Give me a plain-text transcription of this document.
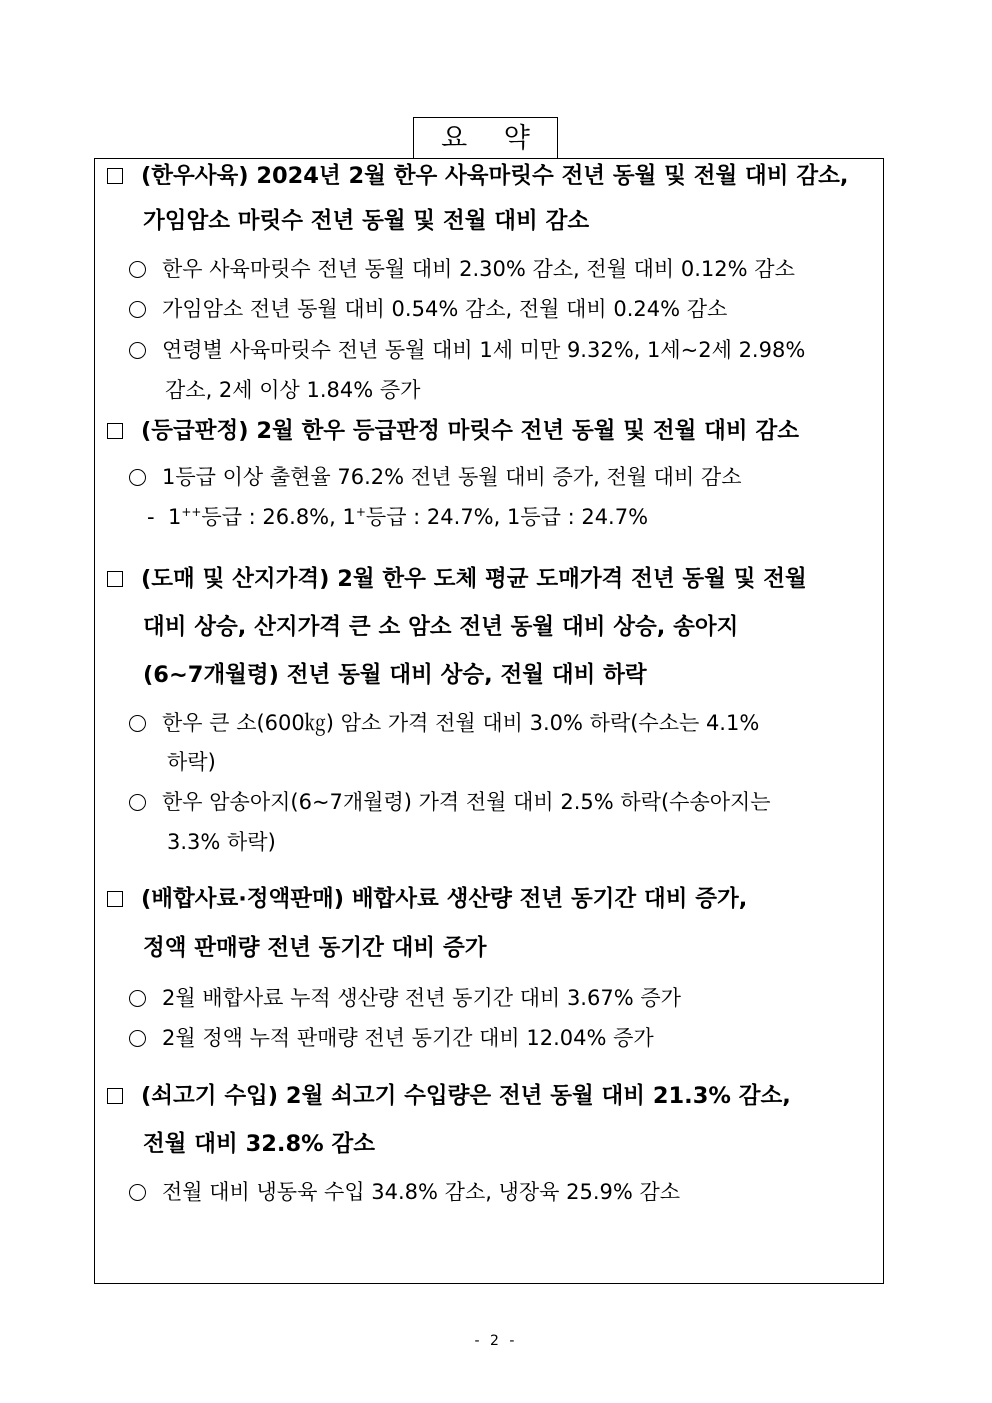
요 약
(한우사육) 2024년 2월 한우 사육마릿수 전년 동월 및 전월 대비 감소,
가임암소 마릿수 전년 동월 및 전월 대비 감소
한우 사육마릿수 전년 동월 대비 2.30% 감소, 전월 대비 0.12% 감소
가임암소 전년 동월 대비 0.54% 감소, 전월 대비 0.24% 감소
연령별 사육마릿수 전년 동월 대비 1세 미만 9.32%, 1세~2세 2.98%
감소, 2세 이상 1.84% 증가
(등급판정) 2월 한우 등급판정 마릿수 전년 동월 및 전월 대비 감소
1등급 이상 출현율 76.2% 전년 동월 대비 증가, 전월 대비 감소
- 1++등급 : 26.8%, 1+등급 : 24.7%, 1등급 : 24.7%
(도매 및 산지가격) 2월 한우 도체 평균 도매가격 전년 동월 및 전월
대비 상승, 산지가격 큰 소 암소 전년 동월 대비 상승, 송아지
(6~7개월령) 전년 동월 대비 상승, 전월 대비 하락
한우 큰 소(600㎏) 암소 가격 전월 대비 3.0% 하락(수소는 4.1%
하락)
한우 암송아지(6~7개월령) 가격 전월 대비 2.5% 하락(수송아지는
3.3% 하락)
(배합사료·정액판매) 배합사료 생산량 전년 동기간 대비 증가,
정액 판매량 전년 동기간 대비 증가
2월 배합사료 누적 생산량 전년 동기간 대비 3.67% 증가
2월 정액 누적 판매량 전년 동기간 대비 12.04% 증가
(쇠고기 수입) 2월 쇠고기 수입량은 전년 동월 대비 21.3% 감소,
전월 대비 32.8% 감소
전월 대비 냉동육 수입 34.8% 감소, 냉장육 25.9% 감소
- 2 -
